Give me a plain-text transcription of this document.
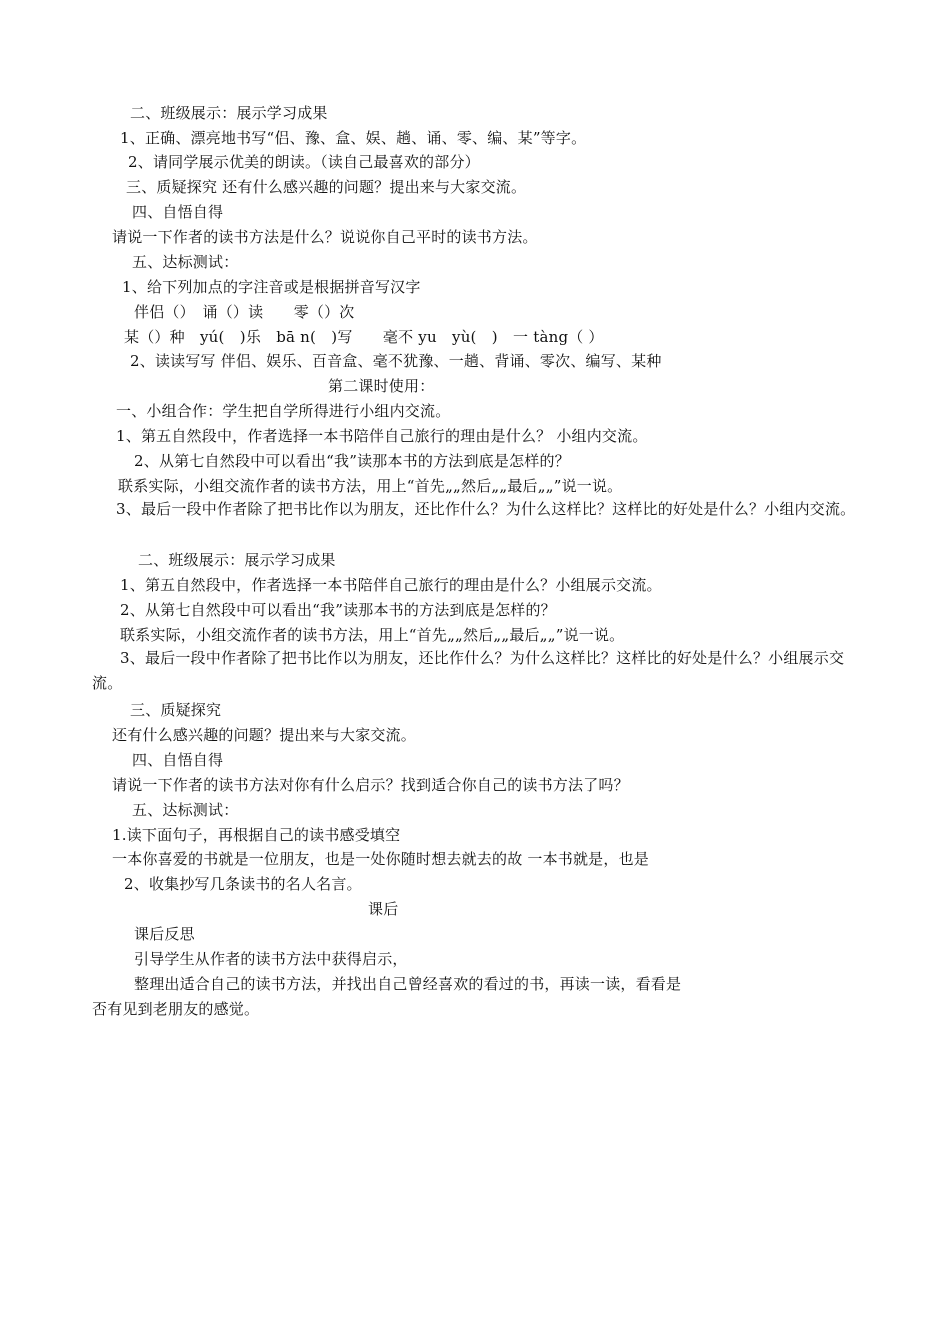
二、班级展示：展示学习成果
1、正确、漂亮地书写“侣、豫、盒、娱、趟、诵、零、编、某”等字。
2、请同学展示优美的朗读。（读自己最喜欢的部分）
三、质疑探究 还有什么感兴趣的问题？提出来与大家交流。
四、自悟自得
请说一下作者的读书方法是什么？说说你自己平时的读书方法。
五、达标测试：
1、给下列加点的字注音或是根据拼音写汉字
伴侣（）　诵（）读　　零（）次
某（）种　yú(　)乐　bā n(　)写　　毫不 yu　yù(　)　一 tàng（ ）
2、读读写写 伴侣、娱乐、百音盒、毫不犹豫、一趟、背诵、零次、编写、某种
第二课时使用：
一、小组合作：学生把自学所得进行小组内交流。
1、第五自然段中，作者选择一本书陪伴自己旅行的理由是什么？ 小组内交流。
2、从第七自然段中可以看出“我”读那本书的方法到底是怎样的？
联系实际，小组交流作者的读书方法，用上“首先„„然后„„最后„„”说一说。
3、最后一段中作者除了把书比作以为朋友，还比作什么？为什么这样比？这样比的好处是什么？小组内交流。
二、班级展示：展示学习成果
1、第五自然段中，作者选择一本书陪伴自己旅行的理由是什么？小组展示交流。
2、从第七自然段中可以看出“我”读那本书的方法到底是怎样的？
联系实际，小组交流作者的读书方法，用上“首先„„然后„„最后„„”说一说。
3、最后一段中作者除了把书比作以为朋友，还比作什么？为什么这样比？这样比的好处是什么？小组展示交流。
三、质疑探究
还有什么感兴趣的问题？提出来与大家交流。
四、自悟自得
请说一下作者的读书方法对你有什么启示？找到适合你自己的读书方法了吗？
五、达标测试：
1.读下面句子，再根据自己的读书感受填空
一本你喜爱的书就是一位朋友，也是一处你随时想去就去的故 一本书就是，也是
2、收集抄写几条读书的名人名言。
课后
课后反思
引导学生从作者的读书方法中获得启示，
整理出适合自己的读书方法，并找出自己曾经喜欢的看过的书，再读一读，看看是
否有见到老朋友的感觉。
